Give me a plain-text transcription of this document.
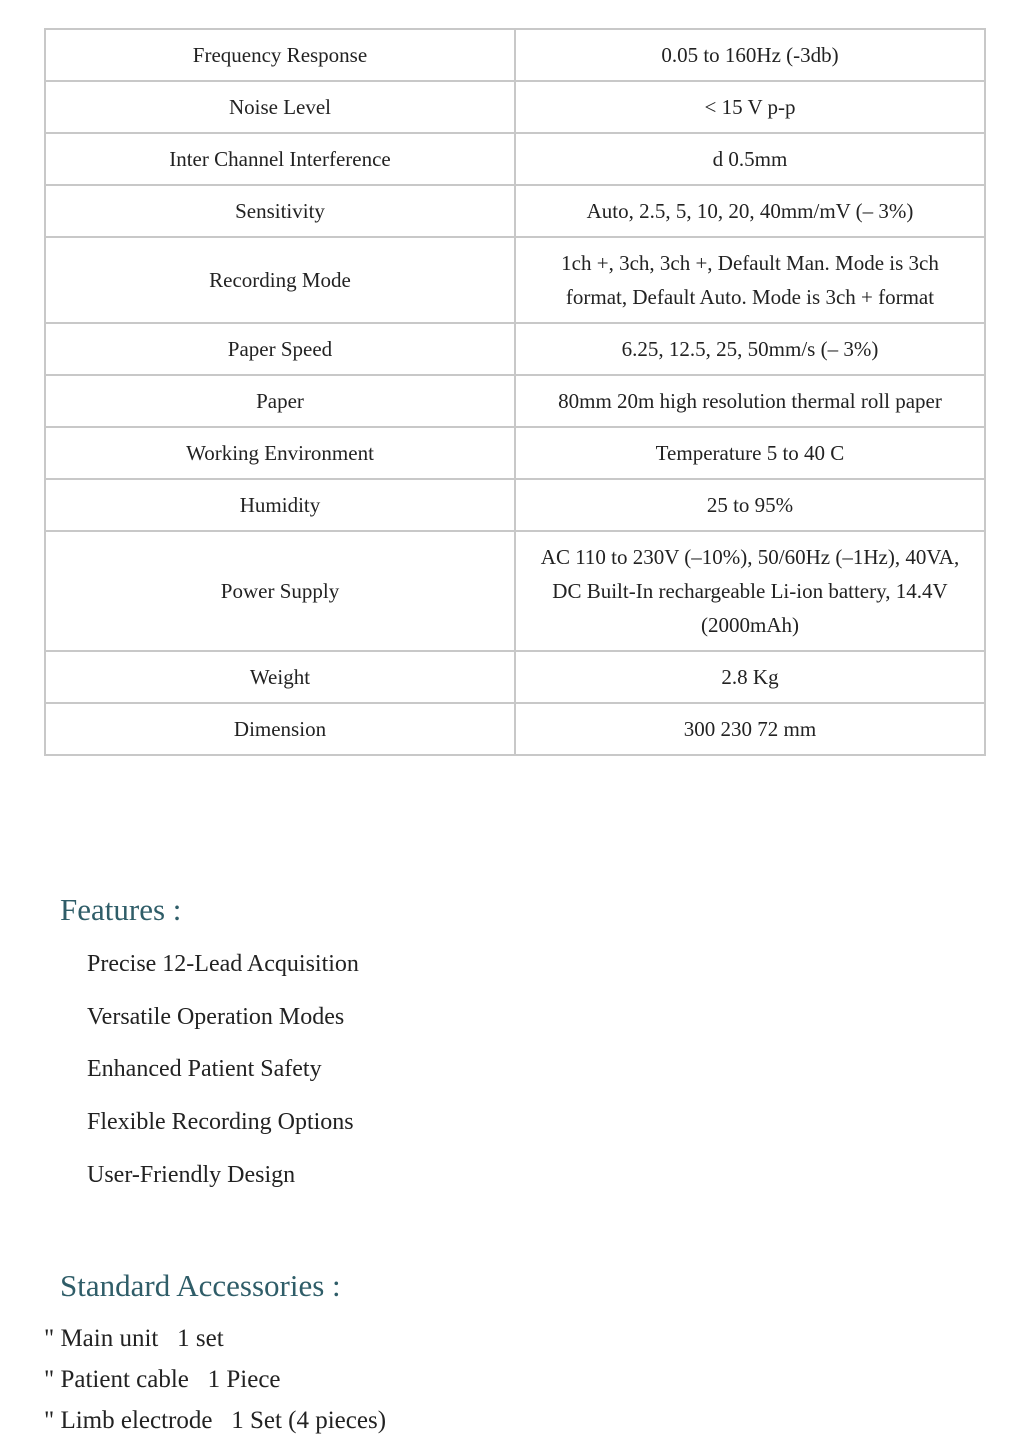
Frequency Response	0.05 to 160Hz (-3db)
Noise Level	< 15 V p-p
Inter Channel Interference	d 0.5mm
Sensitivity	Auto, 2.5, 5, 10, 20, 40mm/mV (– 3%)
Recording Mode	1ch +, 3ch, 3ch +, Default Man. Mode is 3ch format, Default Auto. Mode is 3ch + format
Paper Speed	6.25, 12.5, 25, 50mm/s (– 3%)
Paper	80mm 20m high resolution thermal roll paper
Working Environment	Temperature 5 to 40 C
Humidity	25 to 95%
Power Supply	AC 110 to 230V (–10%), 50/60Hz (–1Hz), 40VA, DC Built-In rechargeable Li-ion battery, 14.4V (2000mAh)
Weight	2.8 Kg
Dimension	300 230 72 mm
Features :
Precise 12-Lead Acquisition
Versatile Operation Modes
Enhanced Patient Safety
Flexible Recording Options
User-Friendly Design
Standard Accessories :
" Main unit   1 set
" Patient cable   1 Piece
" Limb electrode   1 Set (4 pieces)
